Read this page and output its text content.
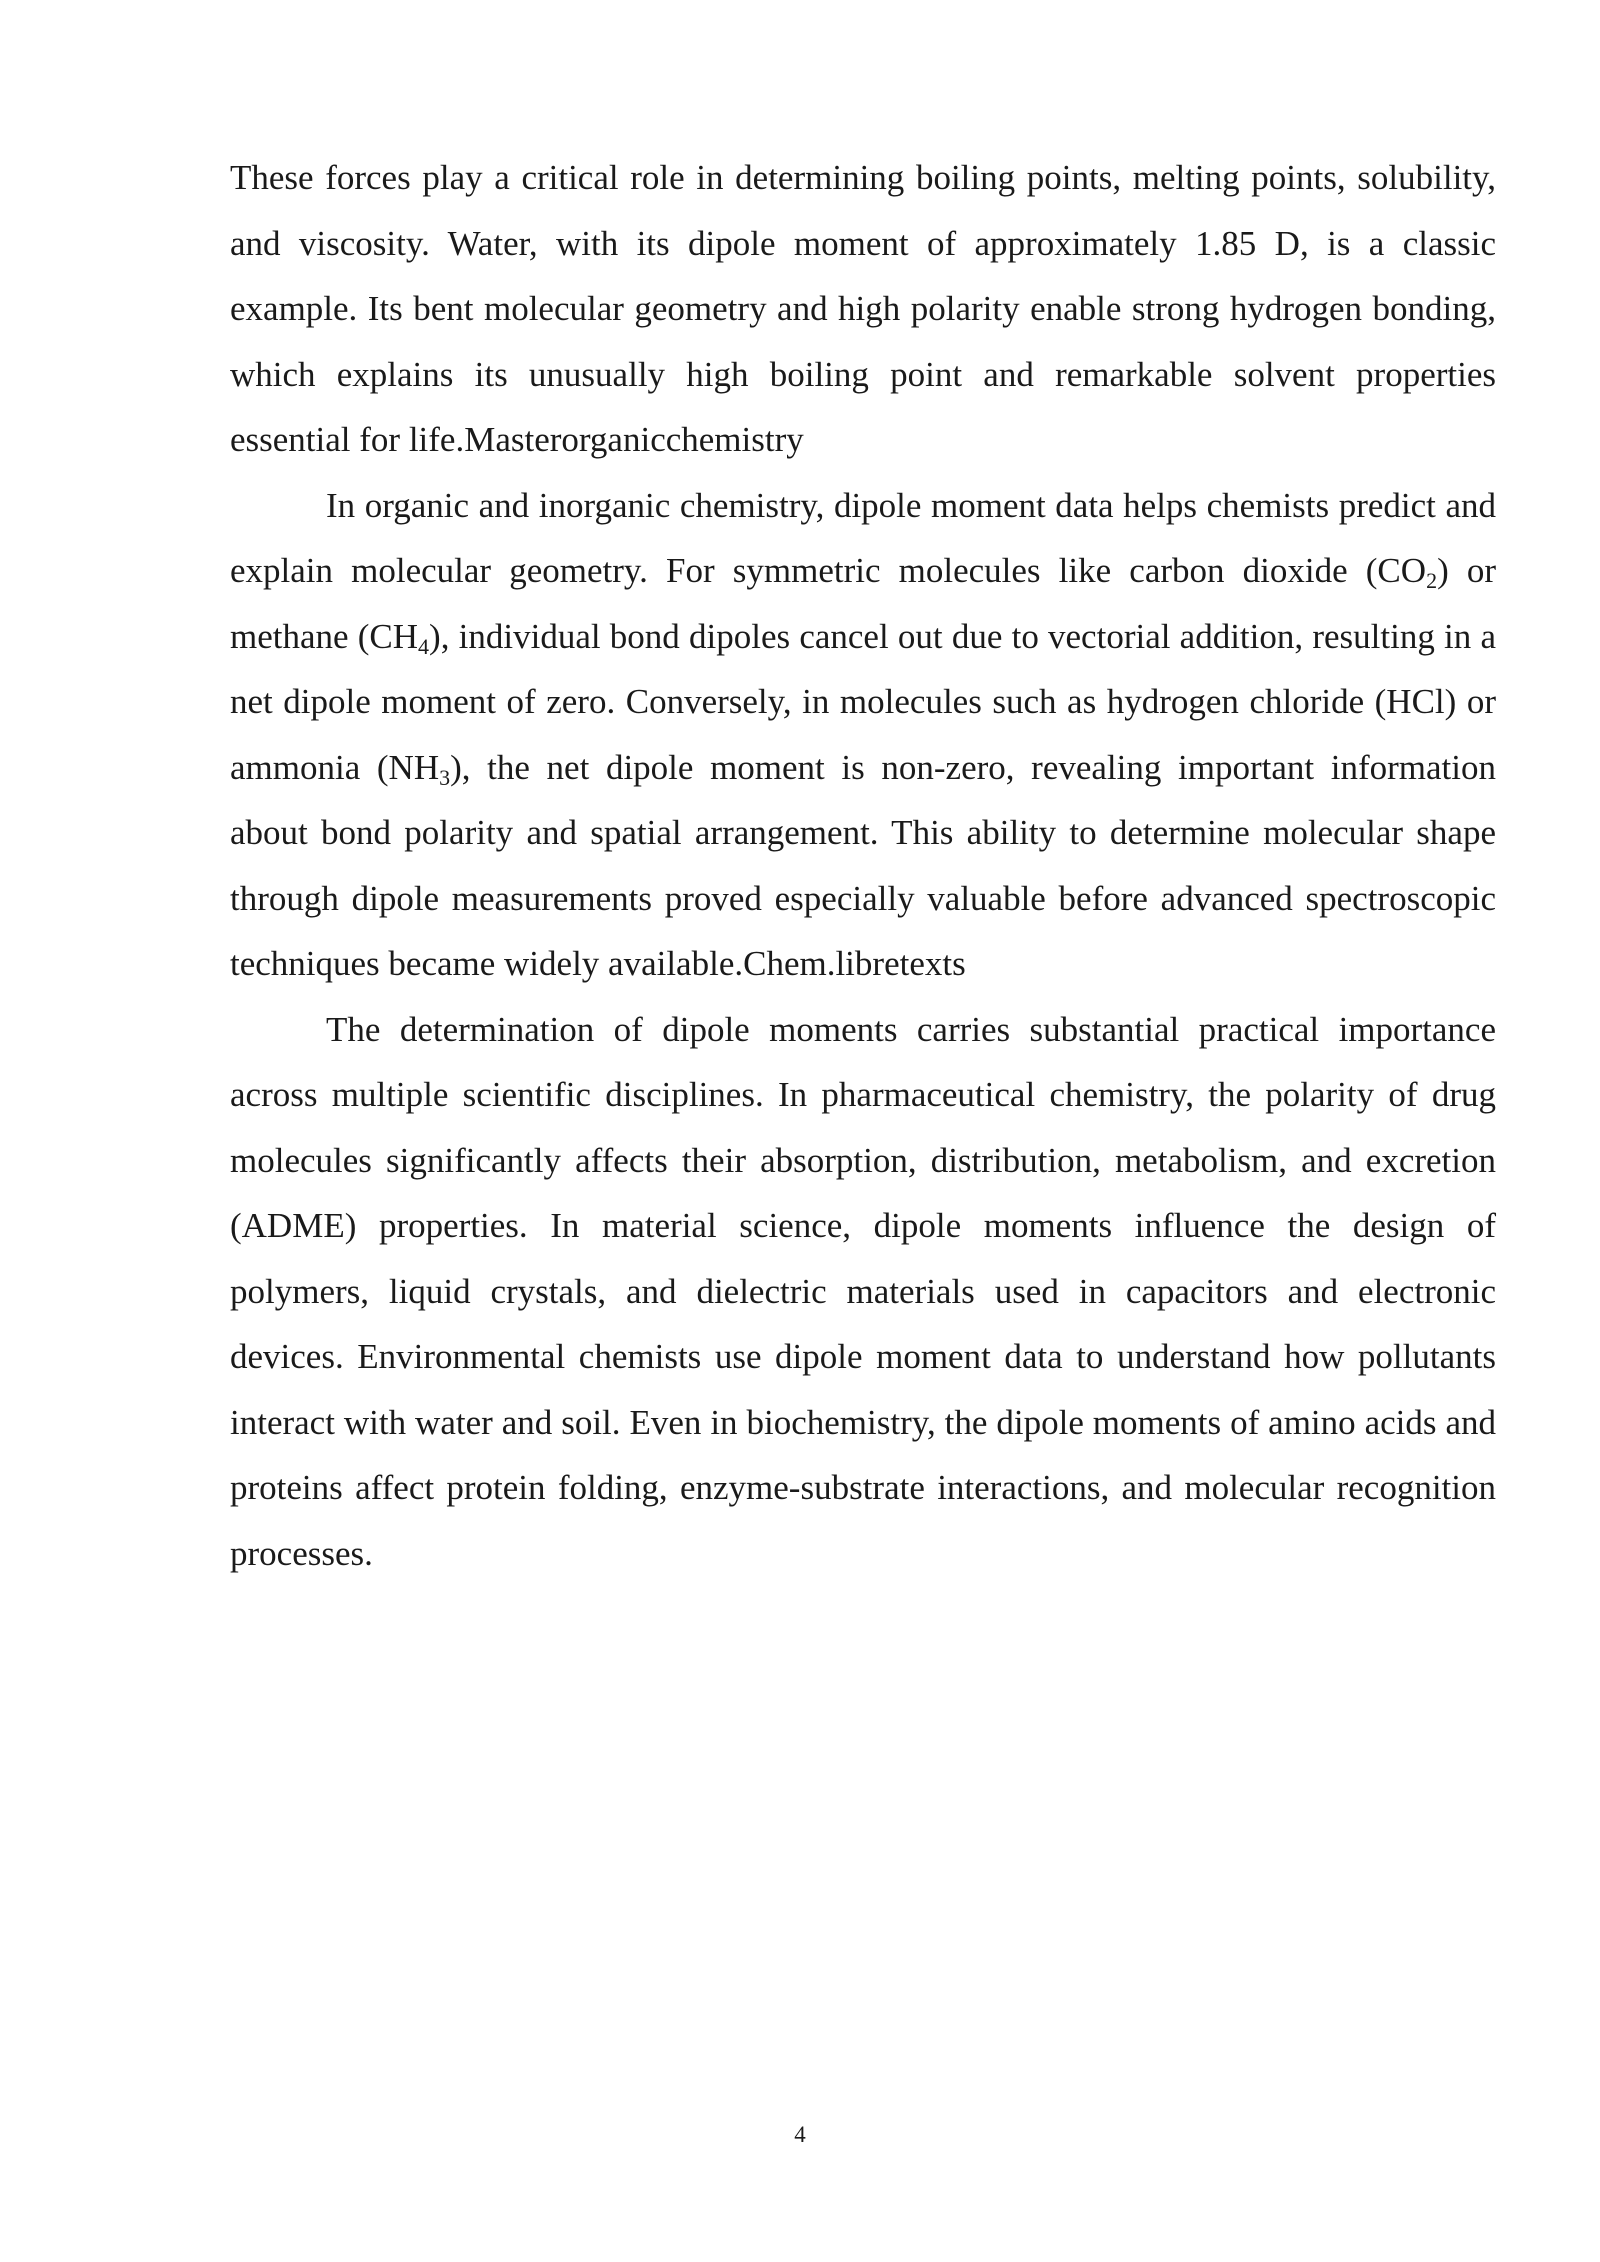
These forces play a critical role in determining boiling points, melting points, solubility, and viscosity. Water, with its dipole moment of approximately 1.85 D, is a classic example. Its bent molecular geometry and high polarity enable strong hydrogen bonding, which explains its unusually high boiling point and remarkable solvent properties essential for life.Masterorganicchemistry

In organic and inorganic chemistry, dipole moment data helps chemists predict and explain molecular geometry. For symmetric molecules like carbon dioxide $(CO_2)$ or methane $(CH_4)$, individual bond dipoles cancel out due to vectorial addition, resulting in a net dipole moment of zero. Conversely, in molecules such as hydrogen chloride (HCl) or ammonia $(NH_3)$, the net dipole moment is non-zero, revealing important information about bond polarity and spatial arrangement. This ability to determine molecular shape through dipole measurements proved especially valuable before advanced spectroscopic techniques became widely available.Chem.libretexts

The determination of dipole moments carries substantial practical importance across multiple scientific disciplines. In pharmaceutical chemistry, the polarity of drug molecules significantly affects their absorption, distribution, metabolism, and excretion (ADME) properties. In material science, dipole moments influence the design of polymers, liquid crystals, and dielectric materials used in capacitors and electronic devices. Environmental chemists use dipole moment data to understand how pollutants interact with water and soil. Even in biochemistry, the dipole moments of amino acids and proteins affect protein folding, enzyme-substrate interactions, and molecular recognition processes.

4
